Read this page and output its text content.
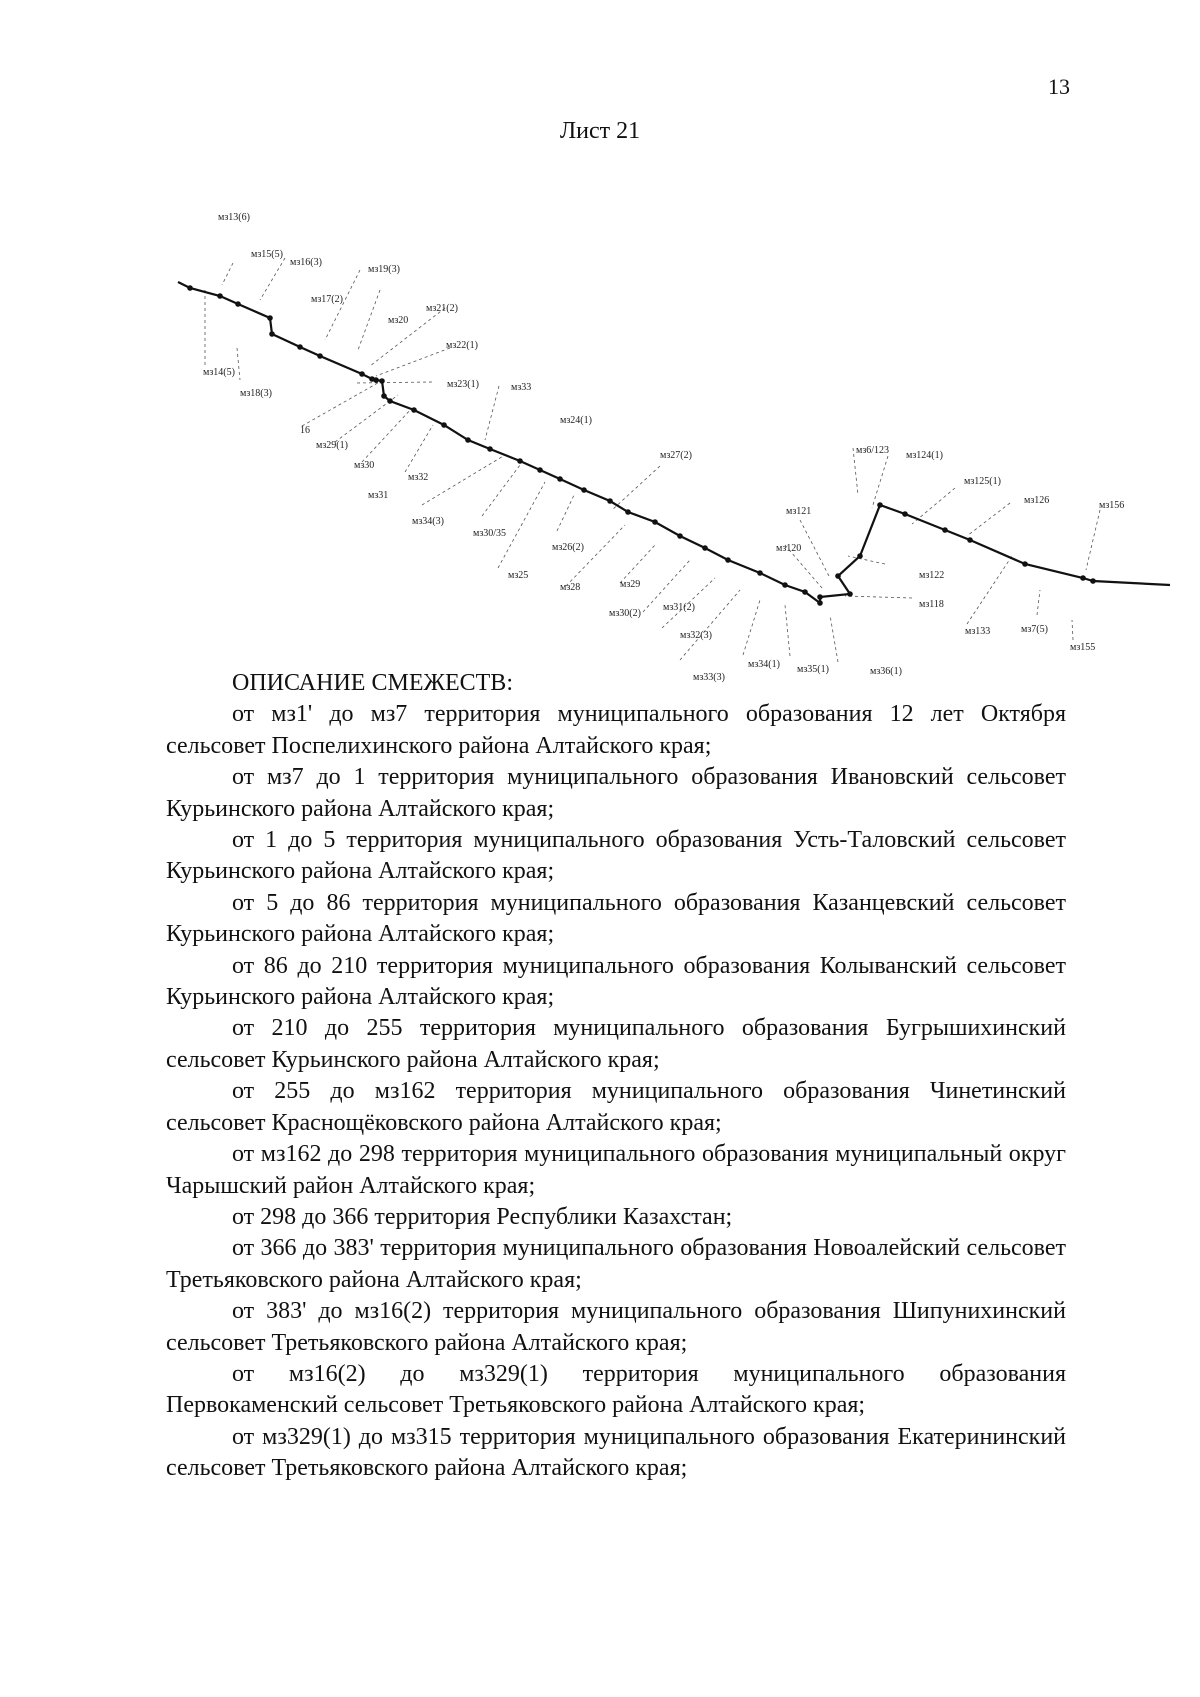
13
Лист 21
мз13(6)
мз15(5)
мз16(3)
мз19(3)
мз17(2)
мз20
мз21(2)
мз22(1)
мз14(5)
мз18(3)
мз23(1)	мз33
16
мз29(1)
мз30
мз32
мз31
мз24(1)
мз34(3)
мз30/35
мз27(2)
мз26(2)
мз25
мз28	мз29
мз30(2)
мз31(2)
мз32(3)
мз33(3)
мз34(1) мз35(1)	мз36(1)
мз121
мз120
мз6/123 мз124(1)
мз125(1)
мз126	мз156
мз122
мз118
мз133	мз7(5)
мз155
ОПИСАНИЕ СМЕЖЕСТВ:

от мз1' до мз7 территория муниципального образования 12 лет Октября сельсовет Поспелихинского района Алтайского края;

от мз7 до 1 территория муниципального образования Ивановский сельсовет Курьинского района Алтайского края;

от 1 до 5 территория муниципального образования Усть-Таловский сельсовет Курьинского района Алтайского края;

от 5 до 86 территория муниципального образования Казанцевский сельсовет Курьинского района Алтайского края;

от 86 до 210 территория муниципального образования Колыванский сельсовет Курьинского района Алтайского края;

от 210 до 255 территория муниципального образования Бугрышихинский сельсовет Курьинского района Алтайского края;

от 255 до мз162 территория муниципального образования Чинетинский сельсовет Краснощёковского района Алтайского края;

от мз162 до 298 территория муниципального образования муниципальный округ Чарышский район Алтайского края;

от 298 до 366 территория Республики Казахстан;

от 366 до 383' территория муниципального образования Новоалейский сельсовет Третьяковского района Алтайского края;

от 383' до мз16(2) территория муниципального образования Шипунихинский сельсовет Третьяковского района Алтайского края;

от мз16(2) до мз329(1) территория муниципального образования Первокаменский сельсовет Третьяковского района Алтайского края;

от мз329(1) до мз315 территория муниципального образования Екатерининский сельсовет Третьяковского района Алтайского края;
